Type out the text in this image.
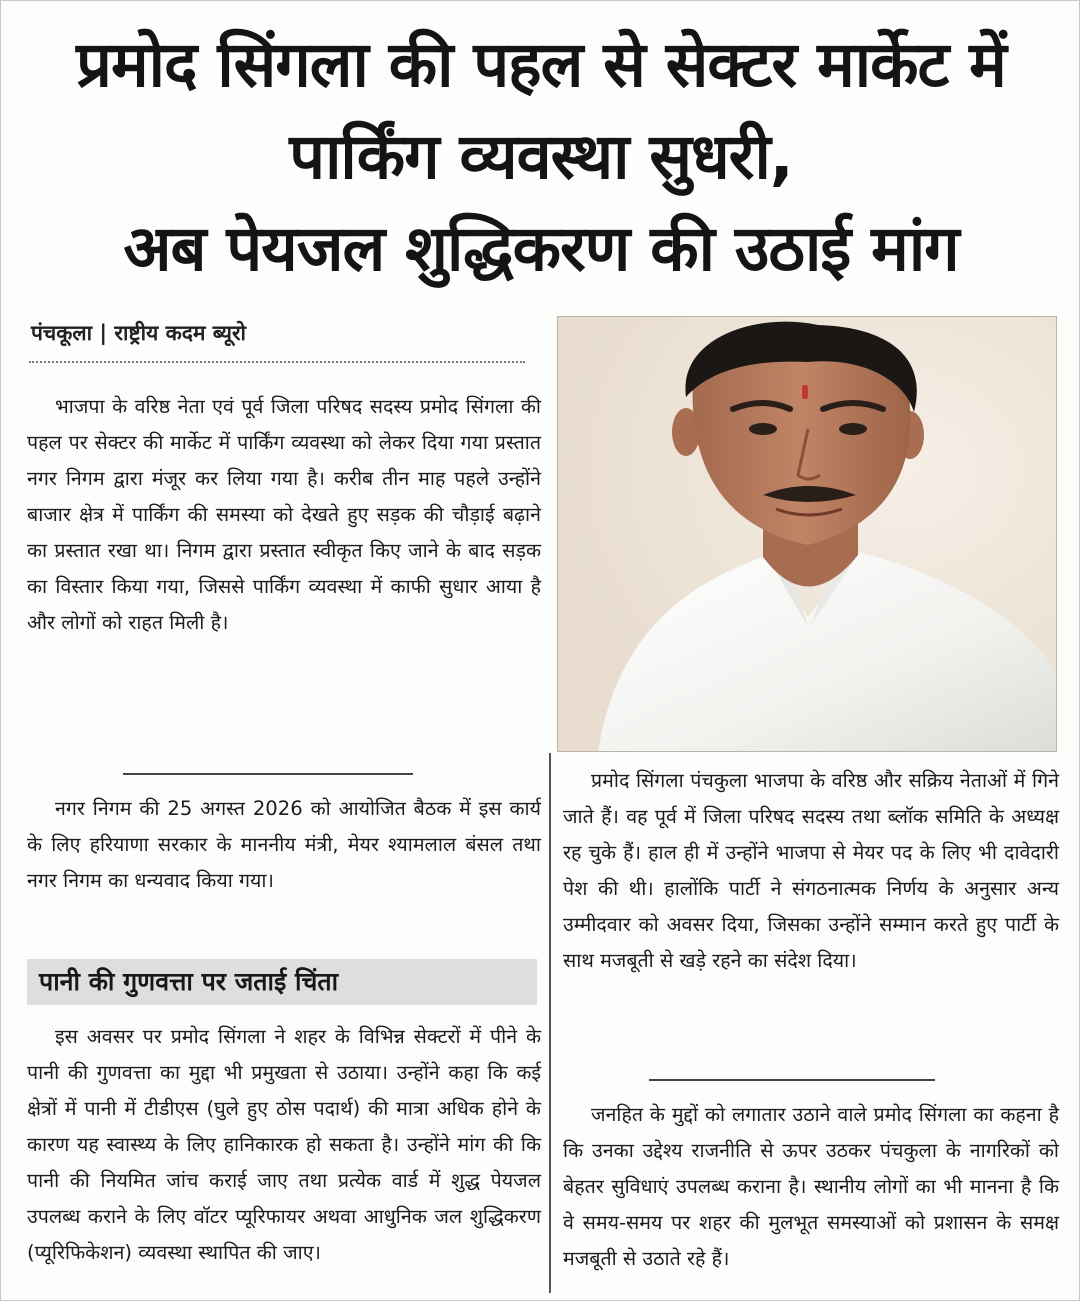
प्रमोद सिंगला की पहल से सेक्टर मार्केट में
पार्किंग व्यवस्था सुधरी,
अब पेयजल शुद्धिकरण की उठाई मांग
पंचकूला | राष्ट्रीय कदम ब्यूरो

भाजपा के वरिष्ठ नेता एवं पूर्व जिला परिषद सदस्य प्रमोद सिंगला की पहल पर सेक्टर की मार्केट में पार्किंग व्यवस्था को लेकर दिया गया प्रस्तात नगर निगम द्वारा मंजूर कर लिया गया है। करीब तीन माह पहले उन्होंने बाजार क्षेत्र में पार्किंग की समस्या को देखते हुए सड़क की चौड़ाई बढ़ाने का प्रस्तात रखा था। निगम द्वारा प्रस्तात स्वीकृत किए जाने के बाद सड़क का विस्तार किया गया, जिससे पार्किंग व्यवस्था में काफी सुधार आया है और लोगों को राहत मिली है।

नगर निगम की 25 अगस्त 2026 को आयोजित बैठक में इस कार्य के लिए हरियाणा सरकार के माननीय मंत्री, मेयर श्यामलाल बंसल तथा नगर निगम का धन्यवाद किया गया।

पानी की गुणवत्ता पर जताई चिंता

इस अवसर पर प्रमोद सिंगला ने शहर के विभिन्न सेक्टरों में पीने के पानी की गुणवत्ता का मुद्दा भी प्रमुखता से उठाया। उन्होंने कहा कि कई क्षेत्रों में पानी में टीडीएस (घुले हुए ठोस पदार्थ) की मात्रा अधिक होने के कारण यह स्वास्थ्य के लिए हानिकारक हो सकता है। उन्होंने मांग की कि पानी की नियमित जांच कराई जाए तथा प्रत्येक वार्ड में शुद्ध पेयजल उपलब्ध कराने के लिए वॉटर प्यूरिफायर अथवा आधुनिक जल शुद्धिकरण (प्यूरिफिकेशन) व्यवस्था स्थापित की जाए।

प्रमोद सिंगला पंचकुला भाजपा के वरिष्ठ और सक्रिय नेताओं में गिने जाते हैं। वह पूर्व में जिला परिषद सदस्य तथा ब्लॉक समिति के अध्यक्ष रह चुके हैं। हाल ही में उन्होंने भाजपा से मेयर पद के लिए भी दावेदारी पेश की थी। हालोंकि पार्टी ने संगठनात्मक निर्णय के अनुसार अन्य उम्मीदवार को अवसर दिया, जिसका उन्होंने सम्मान करते हुए पार्टी के साथ मजबूती से खड़े रहने का संदेश दिया।

जनहित के मुद्दों को लगातार उठाने वाले प्रमोद सिंगला का कहना है कि उनका उद्देश्य राजनीति से ऊपर उठकर पंचकुला के नागरिकों को बेहतर सुविधाएं उपलब्ध कराना है। स्थानीय लोगों का भी मानना है कि वे समय-समय पर शहर की मुलभूत समस्याओं को प्रशासन के समक्ष मजबूती से उठाते रहे हैं।
